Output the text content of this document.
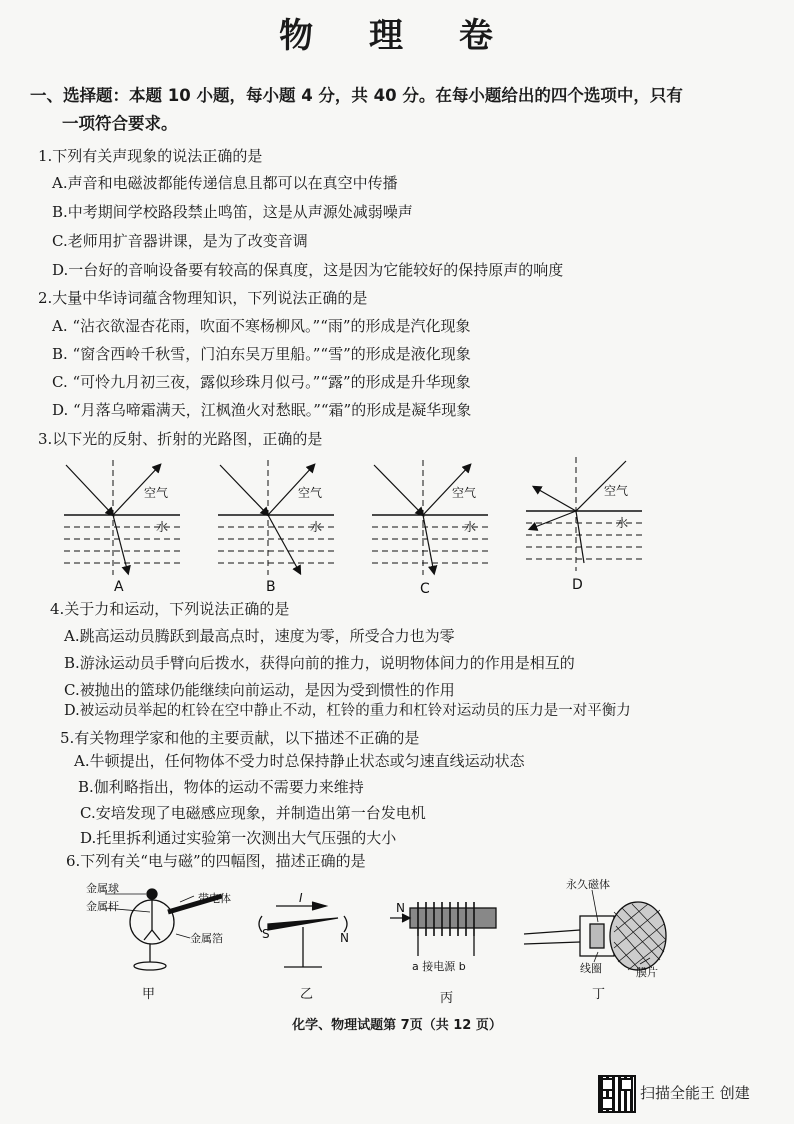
物 理 卷
一、选择题：本题 10 小题，每小题 4 分，共 40 分。在每小题给出的四个选项中，只有
一项符合要求。
1.下列有关声现象的说法正确的是
A.声音和电磁波都能传递信息且都可以在真空中传播
B.中考期间学校路段禁止鸣笛，这是从声源处减弱噪声
C.老师用扩音器讲课，是为了改变音调
D.一台好的音响设备要有较高的保真度，这是因为它能较好的保持原声的响度
2.大量中华诗词蕴含物理知识，下列说法正确的是
A. “沾衣欲湿杏花雨，吹面不寒杨柳风。”“雨”的形成是汽化现象
B. “窗含西岭千秋雪，门泊东吴万里船。”“雪”的形成是液化现象
C. “可怜九月初三夜，露似珍珠月似弓。”“露”的形成是升华现象
D. “月落乌啼霜满天，江枫渔火对愁眠。”“霜”的形成是凝华现象
3.以下光的反射、折射的光路图，正确的是
空气
水
A
空气
水
B
空气
水
C
空气
水
D
4.关于力和运动，下列说法正确的是
A.跳高运动员腾跃到最高点时，速度为零，所受合力也为零
B.游泳运动员手臂向后拨水，获得向前的推力，说明物体间力的作用是相互的
C.被抛出的篮球仍能继续向前运动，是因为受到惯性的作用
D.被运动员举起的杠铃在空中静止不动，杠铃的重力和杠铃对运动员的压力是一对平衡力
5.有关物理学家和他的主要贡献，以下描述不正确的是
A.牛顿提出，任何物体不受力时总保持静止状态或匀速直线运动状态
B.伽利略指出，物体的运动不需要力来维持
C.安培发现了电磁感应现象，并制造出第一台发电机
D.托里拆利通过实验第一次测出大气压强的大小
6.下列有关“电与磁”的四幅图，描述正确的是
金属球
金属杆
带电体
金属箔
甲
I
S	N
乙
N
a 接电源 b
丙
永久磁体
线圈	膜片
丁
化学、物理试题第 7页（共 12 页）
扫描全能王 创建
